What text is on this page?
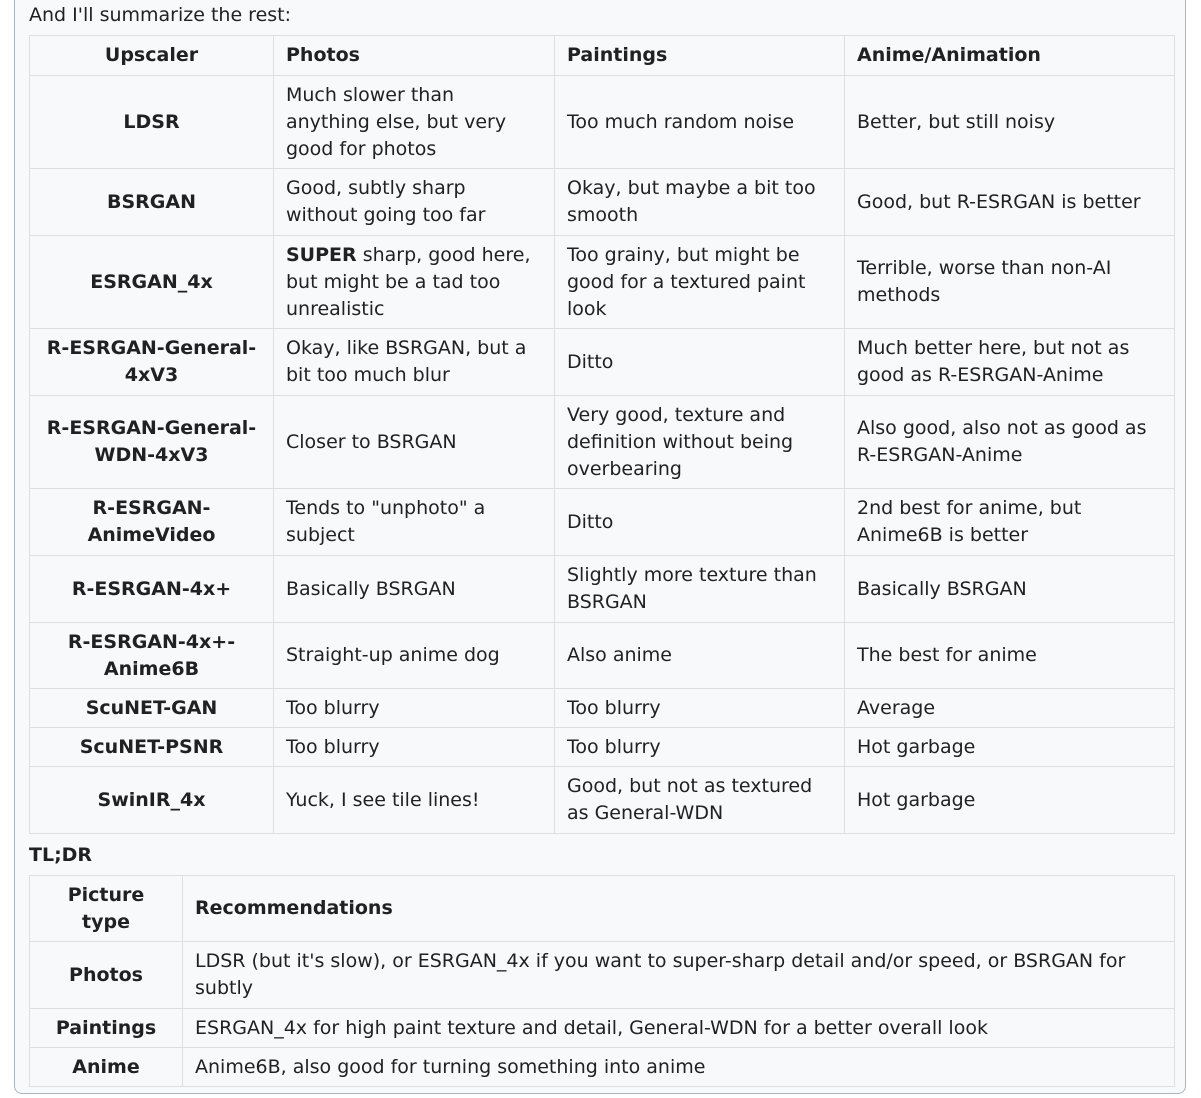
And I'll summarize the rest:
Upscaler	Photos	Paintings	Anime/Animation
LDSR	Much slower than anything else, but very good for photos	Too much random noise	Better, but still noisy
BSRGAN	Good, subtly sharp without going too far	Okay, but maybe a bit too smooth	Good, but R-ESRGAN is better
ESRGAN_4x	SUPER sharp, good here, but might be a tad too unrealistic	Too grainy, but might be good for a textured paint look	Terrible, worse than non-AI methods
R-ESRGAN-General-4xV3	Okay, like BSRGAN, but a bit too much blur	Ditto	Much better here, but not as good as R-ESRGAN-Anime
R-ESRGAN-General-WDN-4xV3	Closer to BSRGAN	Very good, texture and definition without being overbearing	Also good, also not as good as R-ESRGAN-Anime
R-ESRGAN-AnimeVideo	Tends to "unphoto" a subject	Ditto	2nd best for anime, but Anime6B is better
R-ESRGAN-4x+	Basically BSRGAN	Slightly more texture than BSRGAN	Basically BSRGAN
R-ESRGAN-4x+-Anime6B	Straight-up anime dog	Also anime	The best for anime
ScuNET-GAN	Too blurry	Too blurry	Average
ScuNET-PSNR	Too blurry	Too blurry	Hot garbage
SwinIR_4x	Yuck, I see tile lines!	Good, but not as textured as General-WDN	Hot garbage
TL;DR
Picture type	Recommendations
Photos	LDSR (but it's slow), or ESRGAN_4x if you want to super-sharp detail and/or speed, or BSRGAN for subtly
Paintings	ESRGAN_4x for high paint texture and detail, General-WDN for a better overall look
Anime	Anime6B, also good for turning something into anime
